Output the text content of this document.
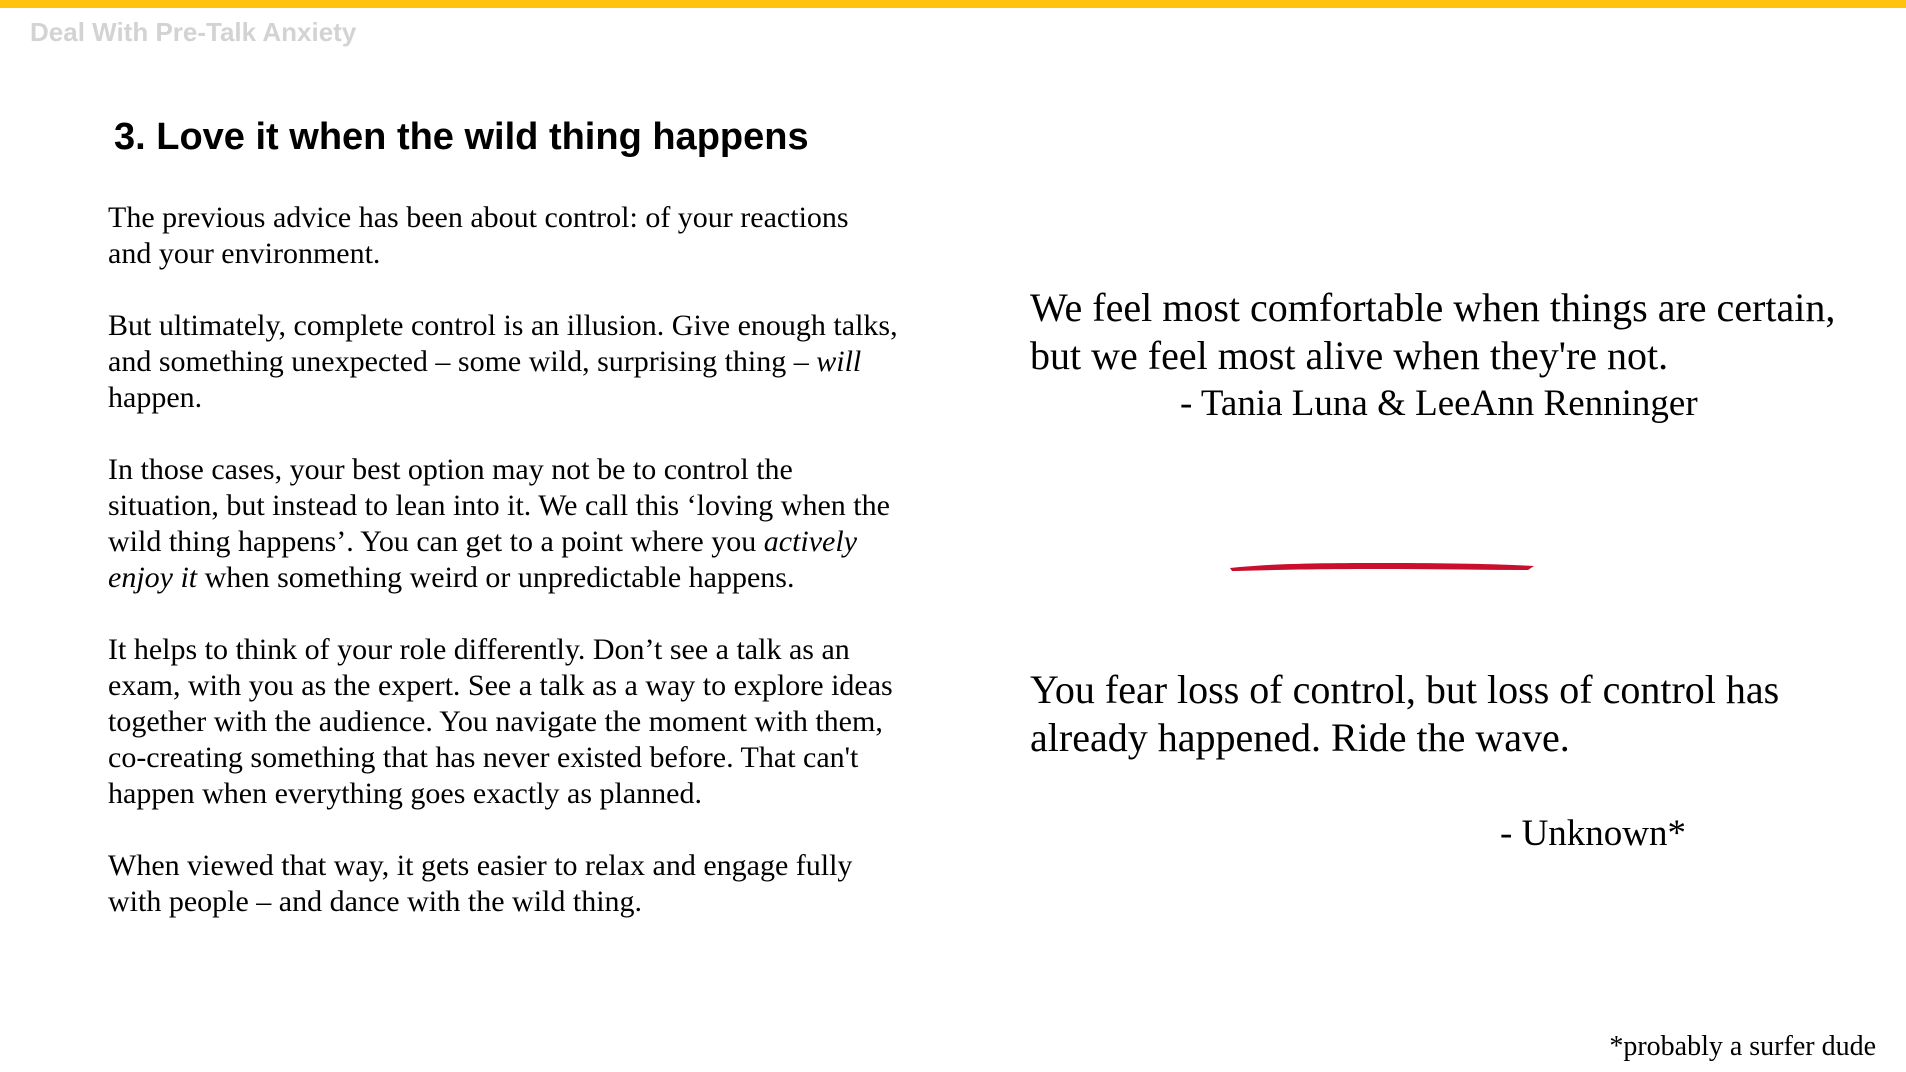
Deal With Pre-Talk Anxiety
3. Love it when the wild thing happens

The previous advice has been about control: of your reactions and your environment.

But ultimately, complete control is an illusion. Give enough talks, and something unexpected – some wild, surprising thing – will happen.

In those cases, your best option may not be to control the situation, but instead to lean into it. We call this ‘loving when the wild thing happens’. You can get to a point where you actively enjoy it when something weird or unpredictable happens.

It helps to think of your role differently. Don’t see a talk as an exam, with you as the expert. See a talk as a way to explore ideas together with the audience. You navigate the moment with them, co-creating something that has never existed before. That can't happen when everything goes exactly as planned.

When viewed that way, it gets easier to relax and engage fully with people – and dance with the wild thing.

We feel most comfortable when things are certain, but we feel most alive when they're not.
- Tania Luna & LeeAnn Renninger
You fear loss of control, but loss of control has already happened. Ride the wave.
- Unknown*
*probably a surfer dude
